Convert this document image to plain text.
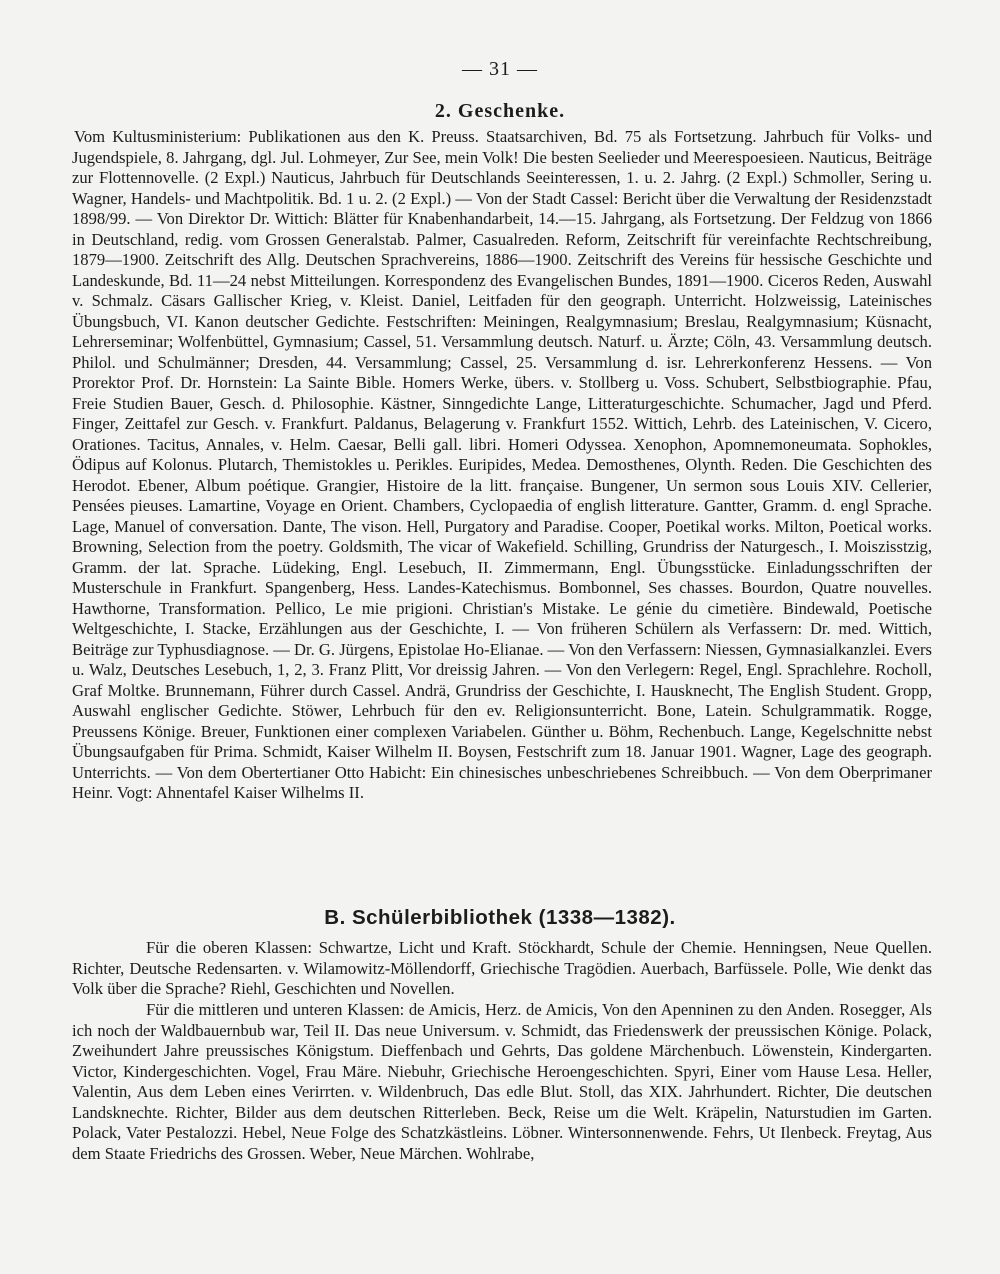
— 31 —
2. Geschenke.

Vom Kultusministerium: Publikationen aus den K. Preuss. Staatsarchiven, Bd. 75 als Fortsetzung. Jahrbuch für Volks- und Jugendspiele, 8. Jahrgang, dgl. Jul. Lohmeyer, Zur See, mein Volk! Die besten Seelieder und Meerespoesieen. Nauticus, Beiträge zur Flottennovelle. (2 Expl.) Nauticus, Jahrbuch für Deutschlands Seeinteressen, 1. u. 2. Jahrg. (2 Expl.) Schmoller, Sering u. Wagner, Handels- und Machtpolitik. Bd. 1 u. 2. (2 Expl.) — Von der Stadt Cassel: Bericht über die Verwaltung der Residenzstadt 1898/99. — Von Direktor Dr. Wittich: Blätter für Knabenhandarbeit, 14.—15. Jahrgang, als Fortsetzung. Der Feldzug von 1866 in Deutschland, redig. vom Grossen Generalstab. Palmer, Casualreden. Reform, Zeitschrift für vereinfachte Rechtschreibung, 1879—1900. Zeitschrift des Allg. Deutschen Sprachvereins, 1886—1900. Zeitschrift des Vereins für hessische Geschichte und Landeskunde, Bd. 11—24 nebst Mitteilungen. Korrespondenz des Evangelischen Bundes, 1891—1900. Ciceros Reden, Auswahl v. Schmalz. Cäsars Gallischer Krieg, v. Kleist. Daniel, Leitfaden für den geograph. Unterricht. Holzweissig, Lateinisches Übungsbuch, VI. Kanon deutscher Gedichte. Festschriften: Meiningen, Realgymnasium; Breslau, Realgymnasium; Küsnacht, Lehrerseminar; Wolfenbüttel, Gymnasium; Cassel, 51. Versammlung deutsch. Naturf. u. Ärzte; Cöln, 43. Versammlung deutsch. Philol. und Schulmänner; Dresden, 44. Versammlung; Cassel, 25. Versammlung d. isr. Lehrerkonferenz Hessens. — Von Prorektor Prof. Dr. Hornstein: La Sainte Bible. Homers Werke, übers. v. Stollberg u. Voss. Schubert, Selbstbiographie. Pfau, Freie Studien Bauer, Gesch. d. Philosophie. Kästner, Sinngedichte Lange, Litteraturgeschichte. Schumacher, Jagd und Pferd. Finger, Zeittafel zur Gesch. v. Frankfurt. Paldanus, Belagerung v. Frankfurt 1552. Wittich, Lehrb. des Lateinischen, V. Cicero, Orationes. Tacitus, Annales, v. Helm. Caesar, Belli gall. libri. Homeri Odyssea. Xenophon, Apomnemoneumata. Sophokles, Ödipus auf Kolonus. Plutarch, Themistokles u. Perikles. Euripides, Medea. Demosthenes, Olynth. Reden. Die Geschichten des Herodot. Ebener, Album poétique. Grangier, Histoire de la litt. française. Bungener, Un sermon sous Louis XIV. Cellerier, Pensées pieuses. Lamartine, Voyage en Orient. Chambers, Cyclopaedia of english litterature. Gantter, Gramm. d. engl Sprache. Lage, Manuel of conversation. Dante, The vison. Hell, Purgatory and Paradise. Cooper, Poetikal works. Milton, Poetical works. Browning, Selection from the poetry. Goldsmith, The vicar of Wakefield. Schilling, Grundriss der Naturgesch., I. Moiszisstzig, Gramm. der lat. Sprache. Lüdeking, Engl. Lesebuch, II. Zimmermann, Engl. Übungsstücke. Einladungsschriften der Musterschule in Frankfurt. Spangenberg, Hess. Landes-Katechismus. Bombonnel, Ses chasses. Bourdon, Quatre nouvelles. Hawthorne, Transformation. Pellico, Le mie prigioni. Christian's Mistake. Le génie du cimetière. Bindewald, Poetische Weltgeschichte, I. Stacke, Erzählungen aus der Geschichte, I. — Von früheren Schülern als Verfassern: Dr. med. Wittich, Beiträge zur Typhusdiagnose. — Dr. G. Jürgens, Epistolae Ho-Elianae. — Von den Verfassern: Niessen, Gymnasialkanzlei. Evers u. Walz, Deutsches Lesebuch, 1, 2, 3. Franz Plitt, Vor dreissig Jahren. — Von den Verlegern: Regel, Engl. Sprachlehre. Rocholl, Graf Moltke. Brunnemann, Führer durch Cassel. Andrä, Grundriss der Geschichte, I. Hausknecht, The English Student. Gropp, Auswahl englischer Gedichte. Stöwer, Lehrbuch für den ev. Religionsunterricht. Bone, Latein. Schulgrammatik. Rogge, Preussens Könige. Breuer, Funktionen einer complexen Variabelen. Günther u. Böhm, Rechenbuch. Lange, Kegelschnitte nebst Übungsaufgaben für Prima. Schmidt, Kaiser Wilhelm II. Boysen, Festschrift zum 18. Januar 1901. Wagner, Lage des geograph. Unterrichts. — Von dem Obertertianer Otto Habicht: Ein chinesisches unbeschriebenes Schreibbuch. — Von dem Oberprimaner Heinr. Vogt: Ahnentafel Kaiser Wilhelms II.

B. Schülerbibliothek (1338—1382).

Für die oberen Klassen: Schwartze, Licht und Kraft. Stöckhardt, Schule der Chemie. Henningsen, Neue Quellen. Richter, Deutsche Redensarten. v. Wilamowitz-Möllendorff, Griechische Tragödien. Auerbach, Barfüssele. Polle, Wie denkt das Volk über die Sprache? Riehl, Geschichten und Novellen.

Für die mittleren und unteren Klassen: de Amicis, Herz. de Amicis, Von den Apenninen zu den Anden. Rosegger, Als ich noch der Waldbauernbub war, Teil II. Das neue Universum. v. Schmidt, das Friedenswerk der preussischen Könige. Polack, Zweihundert Jahre preussisches Königstum. Dieffenbach und Gehrts, Das goldene Märchenbuch. Löwenstein, Kindergarten. Victor, Kindergeschichten. Vogel, Frau Märe. Niebuhr, Griechische Heroengeschichten. Spyri, Einer vom Hause Lesa. Heller, Valentin, Aus dem Leben eines Verirrten. v. Wildenbruch, Das edle Blut. Stoll, das XIX. Jahrhundert. Richter, Die deutschen Landsknechte. Richter, Bilder aus dem deutschen Ritterleben. Beck, Reise um die Welt. Kräpelin, Naturstudien im Garten. Polack, Vater Pestalozzi. Hebel, Neue Folge des Schatzkästleins. Löbner. Wintersonnenwende. Fehrs, Ut Ilenbeck. Freytag, Aus dem Staate Friedrichs des Grossen. Weber, Neue Märchen. Wohlrabe,
